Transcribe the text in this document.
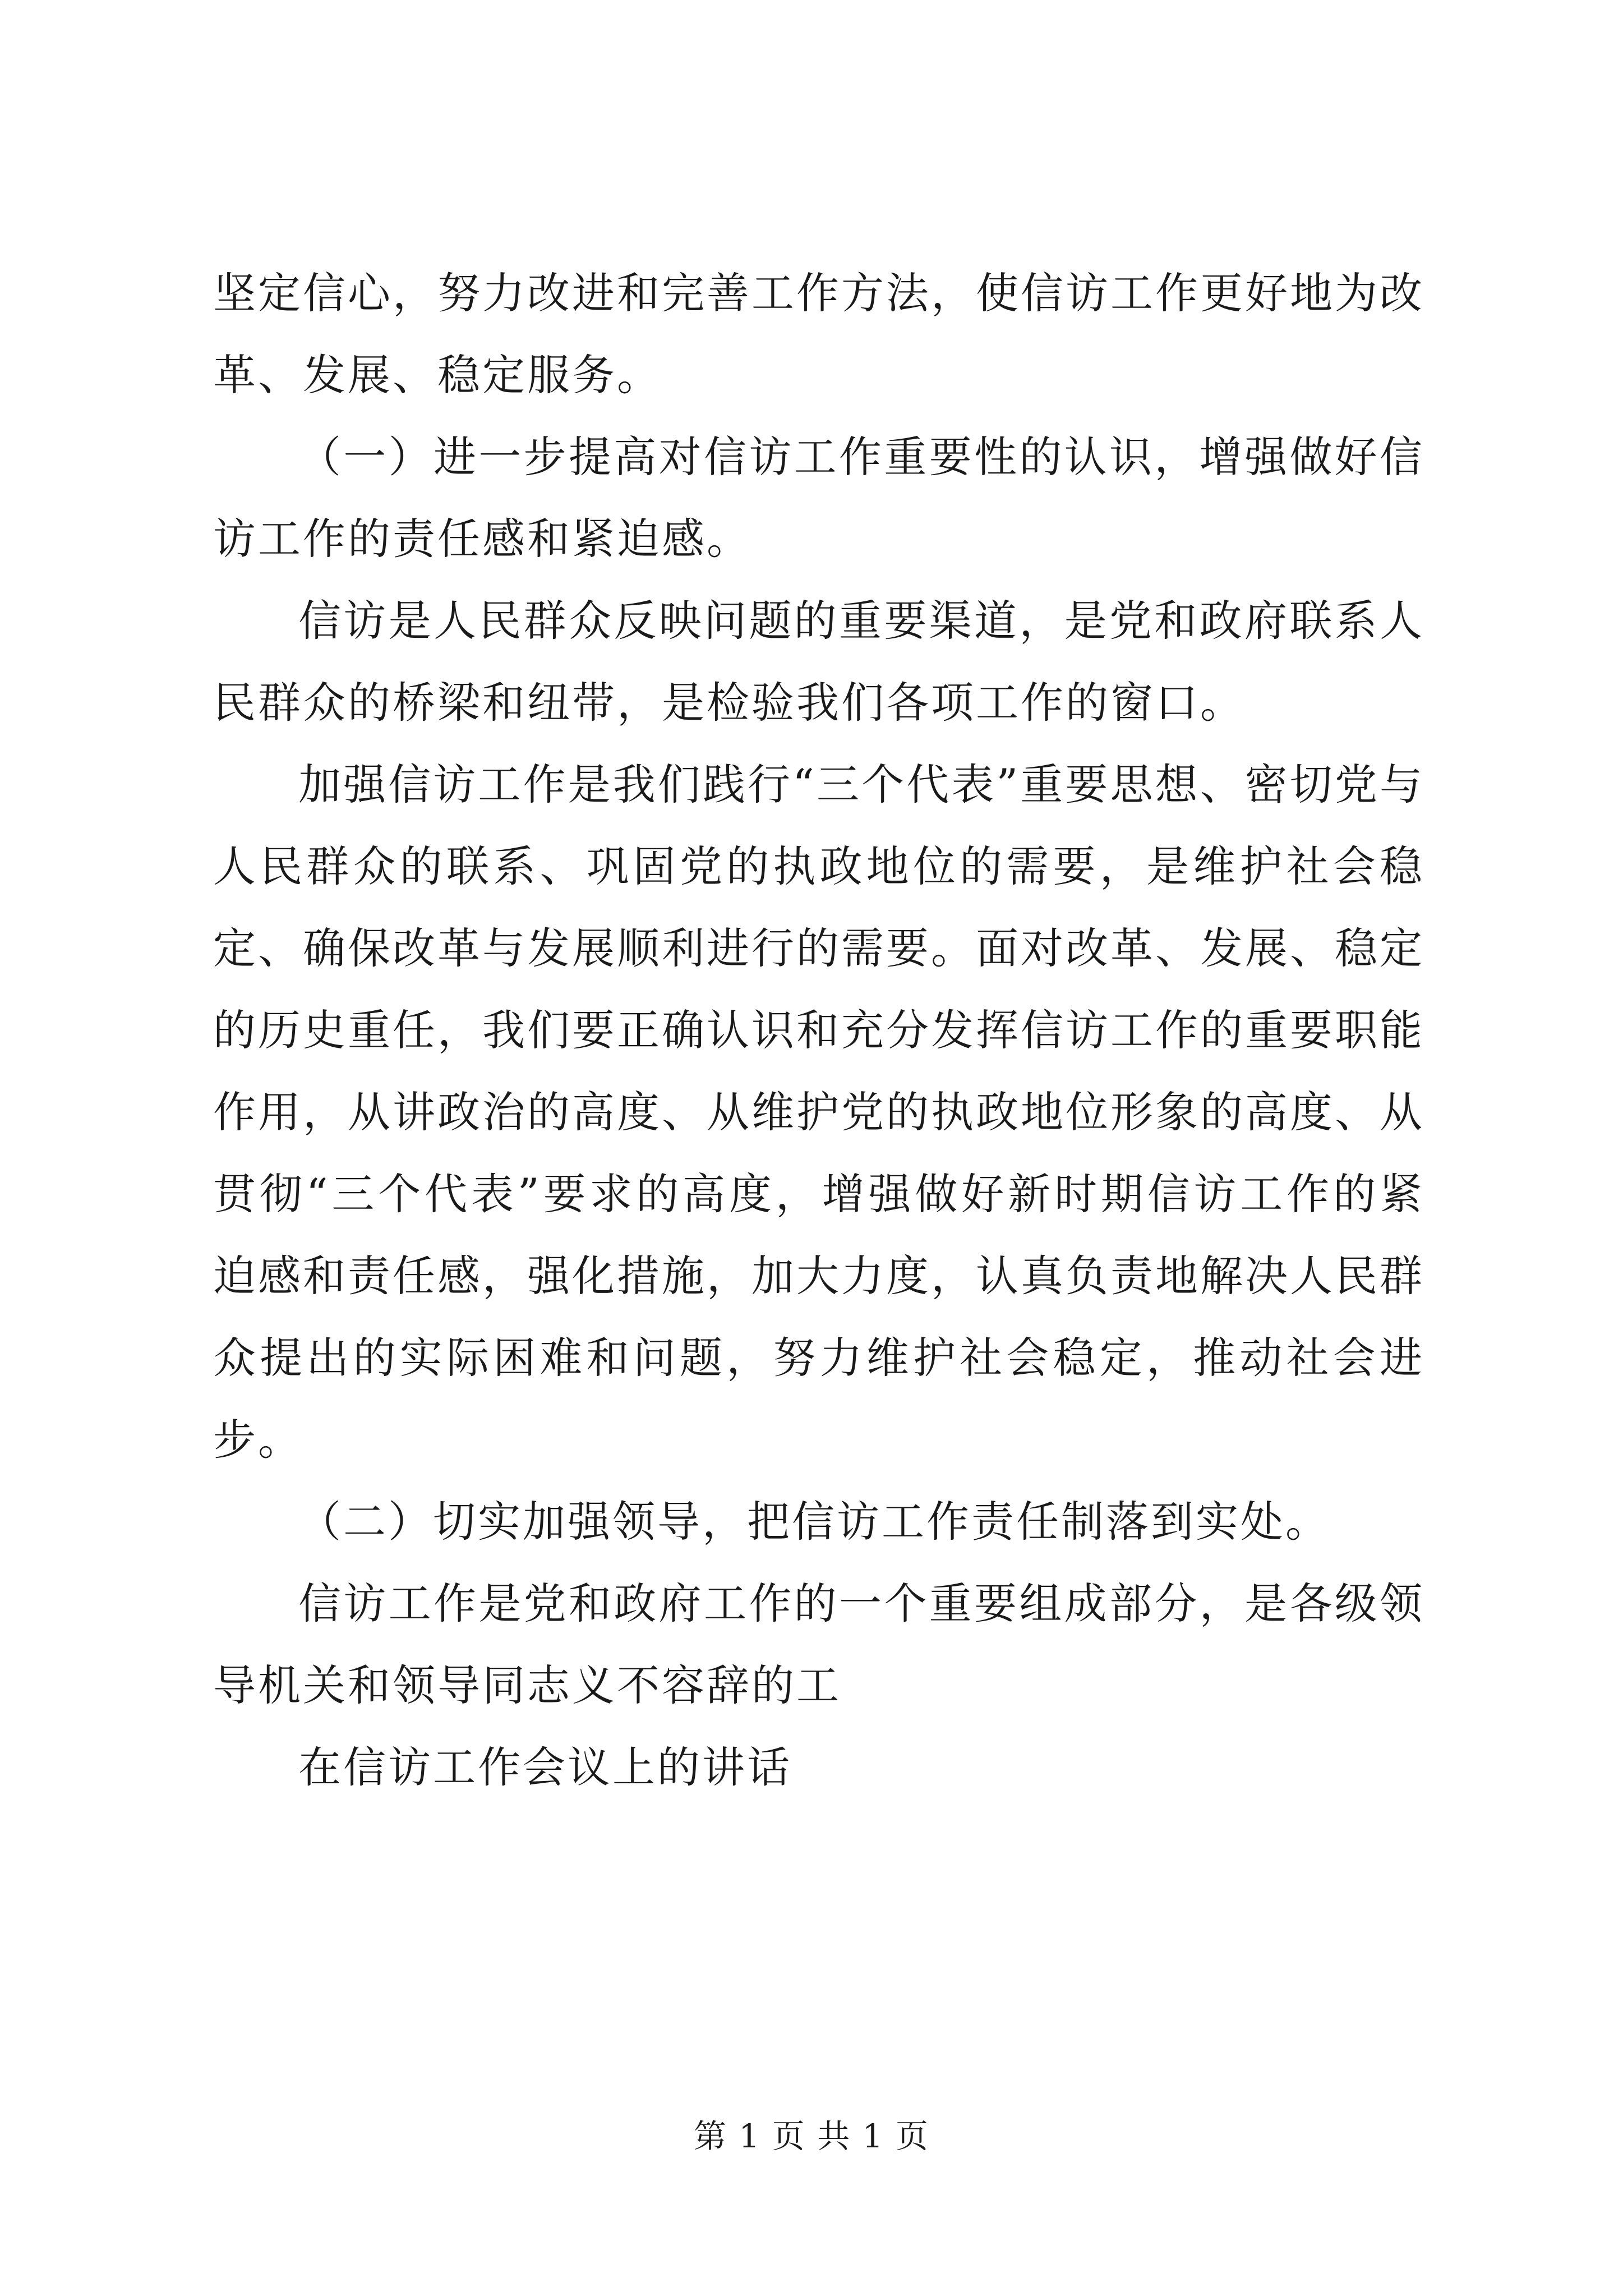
坚定信心，努力改进和完善工作方法，使信访工作更好地为改革、发展、稳定服务。

（一）进一步提高对信访工作重要性的认识，增强做好信访工作的责任感和紧迫感。

信访是人民群众反映问题的重要渠道，是党和政府联系人民群众的桥梁和纽带，是检验我们各项工作的窗口。

加强信访工作是我们践行“三个代表”重要思想、密切党与人民群众的联系、巩固党的执政地位的需要，是维护社会稳定、确保改革与发展顺利进行的需要。面对改革、发展、稳定的历史重任，我们要正确认识和充分发挥信访工作的重要职能作用，从讲政治的高度、从维护党的执政地位形象的高度、从贯彻“三个代表”要求的高度，增强做好新时期信访工作的紧迫感和责任感，强化措施，加大力度，认真负责地解决人民群众提出的实际困难和问题，努力维护社会稳定，推动社会进步。

（二）切实加强领导，把信访工作责任制落到实处。

信访工作是党和政府工作的一个重要组成部分，是各级领导机关和领导同志义不容辞的工

在信访工作会议上的讲话

第 1 页 共 1 页
